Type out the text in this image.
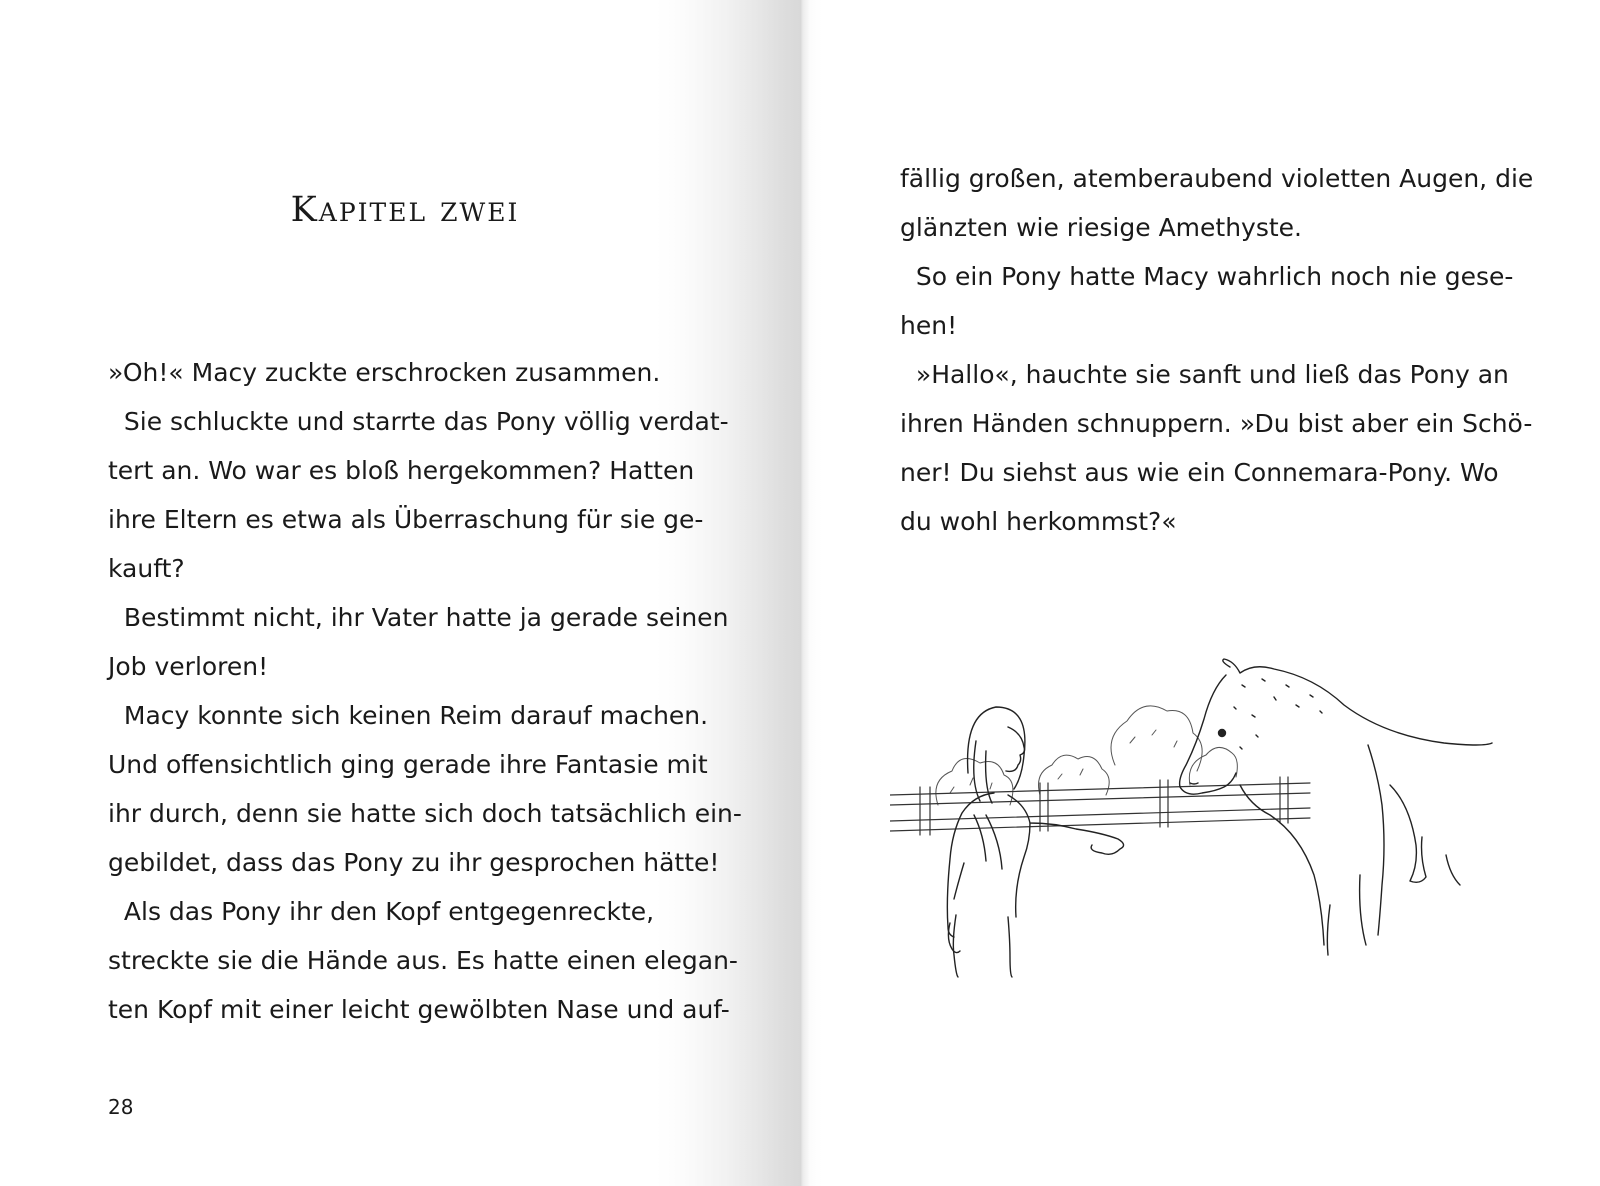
Kapitel zwei
»Oh!« Macy zuckte erschrocken zusammen.
Sie schluckte und starrte das Pony völlig verdat-
tert an. Wo war es bloß hergekommen? Hatten
ihre Eltern es etwa als Überraschung für sie ge-
kauft?
Bestimmt nicht, ihr Vater hatte ja gerade seinen
Job verloren!
Macy konnte sich keinen Reim darauf machen.
Und offensichtlich ging gerade ihre Fantasie mit
ihr durch, denn sie hatte sich doch tatsächlich ein-
gebildet, dass das Pony zu ihr gesprochen hätte!
Als das Pony ihr den Kopf entgegenreckte,
streckte sie die Hände aus. Es hatte einen elegan-
ten Kopf mit einer leicht gewölbten Nase und auf-
28
fällig großen, atemberaubend violetten Augen, die
glänzten wie riesige Amethyste.
So ein Pony hatte Macy wahrlich noch nie gese-
hen!
»Hallo«, hauchte sie sanft und ließ das Pony an
ihren Händen schnuppern. »Du bist aber ein Schö-
ner! Du siehst aus wie ein Connemara-Pony. Wo
du wohl herkommst?«
